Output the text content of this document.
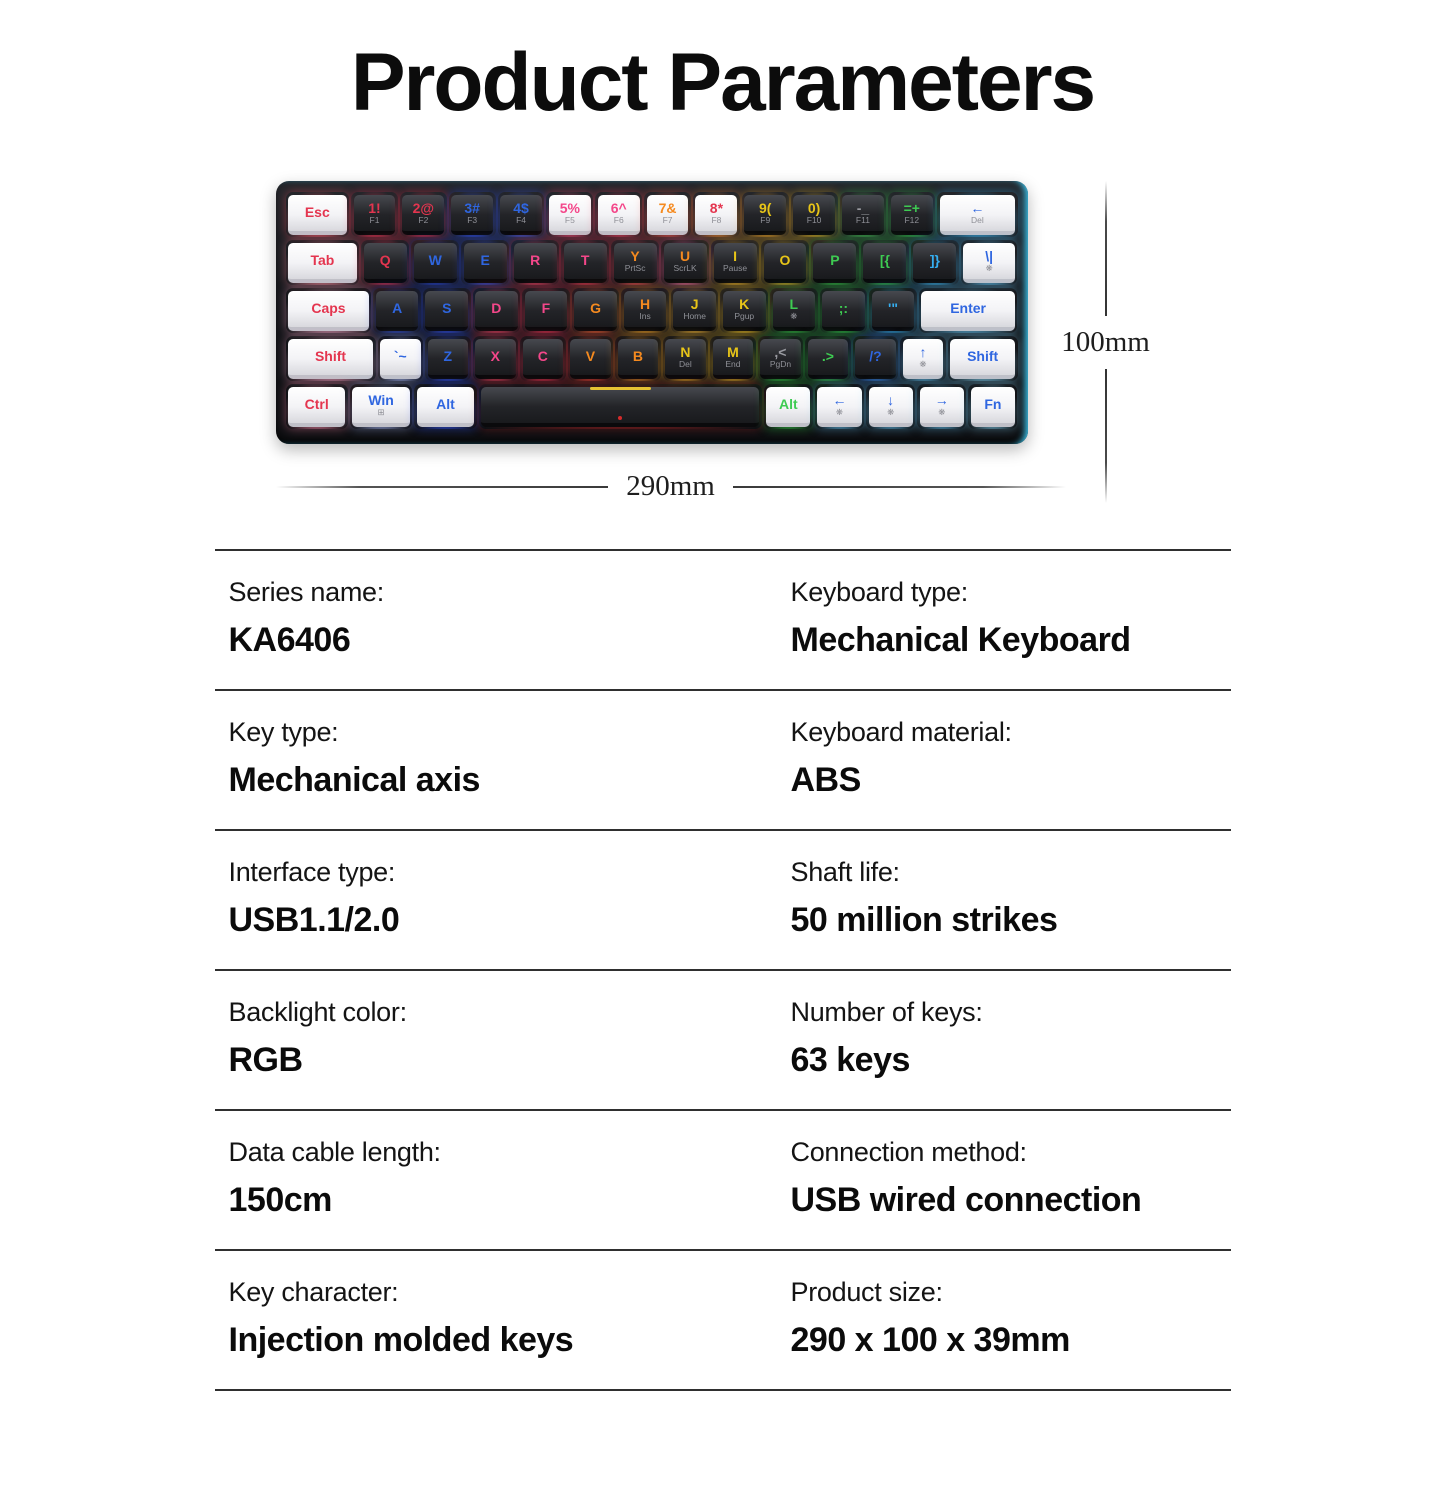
Product Parameters
Esc	1!
F1
2@
F2
3#
F3
4$
F4
5%
F5
6^
F6
7&
F7
8*
F8
9(
F9
0)
F10
-_
F11
=+
F12
←
Del
Tab	Q	W	E	R	T	Y
PrtSc
U
ScrLK
I
Pause O	P	[{	]}	\|
❋
Caps	A	S	D	F	G	H
Ins
J
Home
K
Pgup
L
❋	;:	'"	Enter
Shift	`~	Z	X	C	V	B	N
Del
M
End
,<
PgDn .>	/?	↑
❋	Shift
Ctrl	Win
⊞	Alt	Alt ←
❋
↓
❋
→
❋	Fn
290mm
100mm
Series name:
KA6406
Keyboard type:
Mechanical Keyboard
Key type:
Mechanical axis
Keyboard material:
ABS
Interface type:
USB1.1/2.0
Shaft life:
50 million strikes
Backlight color:
RGB
Number of keys:
63 keys
Data cable length:
150cm
Connection method:
USB wired connection
Key character:
Injection molded keys
Product size:
290 x 100 x 39mm
